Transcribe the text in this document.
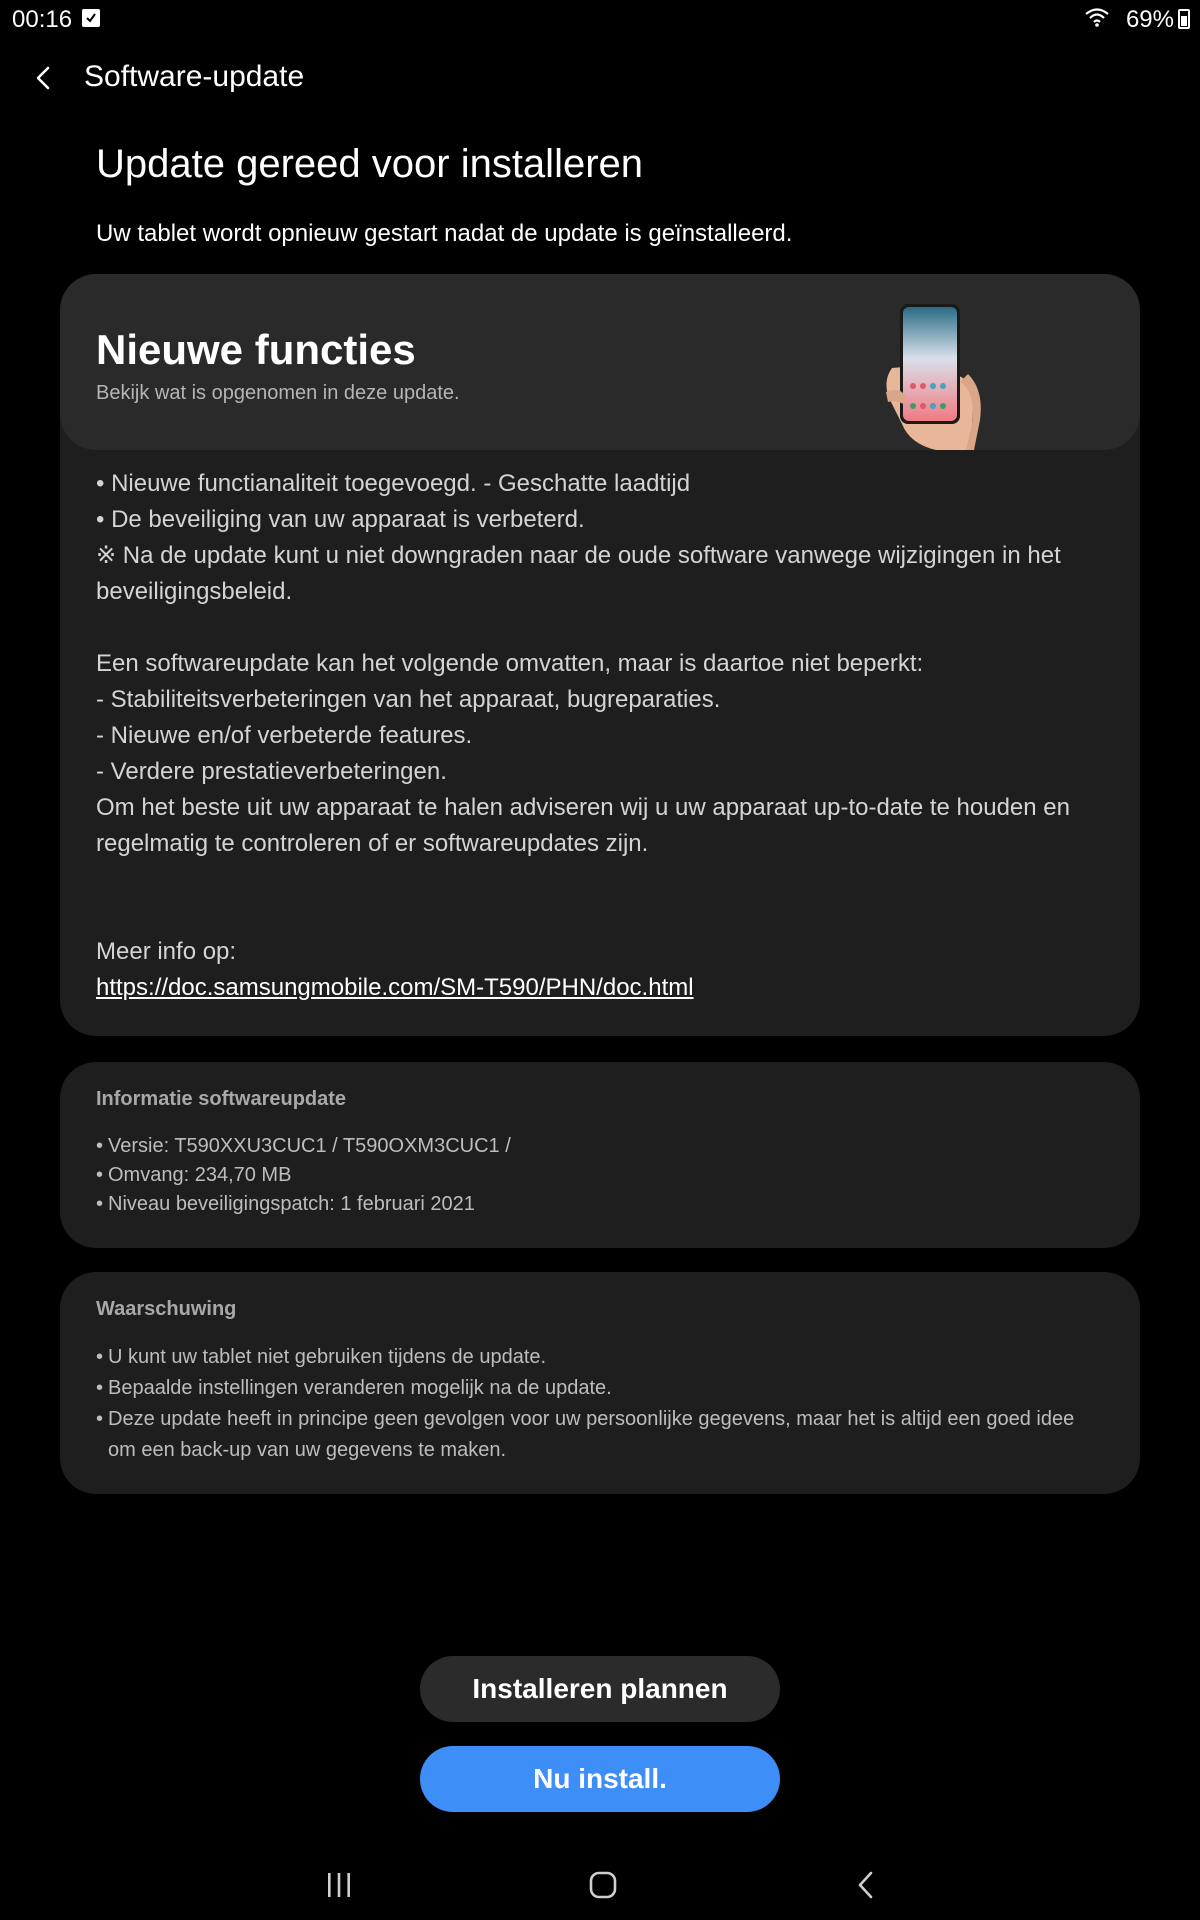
00:16	69%
Software-update
Update gereed voor installeren
Uw tablet wordt opnieuw gestart nadat de update is geïnstalleerd.
Nieuwe functies
Bekijk wat is opgenomen in deze update.

• Nieuwe functianaliteit toegevoegd. - Geschatte laadtijd

• De beveiliging van uw apparaat is verbeterd.

※ Na de update kunt u niet downgraden naar de oude software vanwege wijzigingen in het beveiligingsbeleid.

Een softwareupdate kan het volgende omvatten, maar is daartoe niet beperkt:

- Stabiliteitsverbeteringen van het apparaat, bugreparaties.

- Nieuwe en/of verbeterde features.

- Verdere prestatieverbeteringen.

Om het beste uit uw apparaat te halen adviseren wij u uw apparaat up-to-date te houden en regelmatig te controleren of er softwareupdates zijn.

Meer info op:

https://doc.samsungmobile.com/SM-T590/PHN/doc.html

Informatie softwareupdate
• Versie: T590XXU3CUC1 / T590OXM3CUC1 /
• Omvang: 234,70 MB
• Niveau beveiligingspatch: 1 februari 2021
Waarschuwing
• U kunt uw tablet niet gebruiken tijdens de update.
• Bepaalde instellingen veranderen mogelijk na de update.
• Deze update heeft in principe geen gevolgen voor uw persoonlijke gegevens, maar het is altijd een goed idee om een back-up van uw gegevens te maken.
Installeren plannen
Nu install.
